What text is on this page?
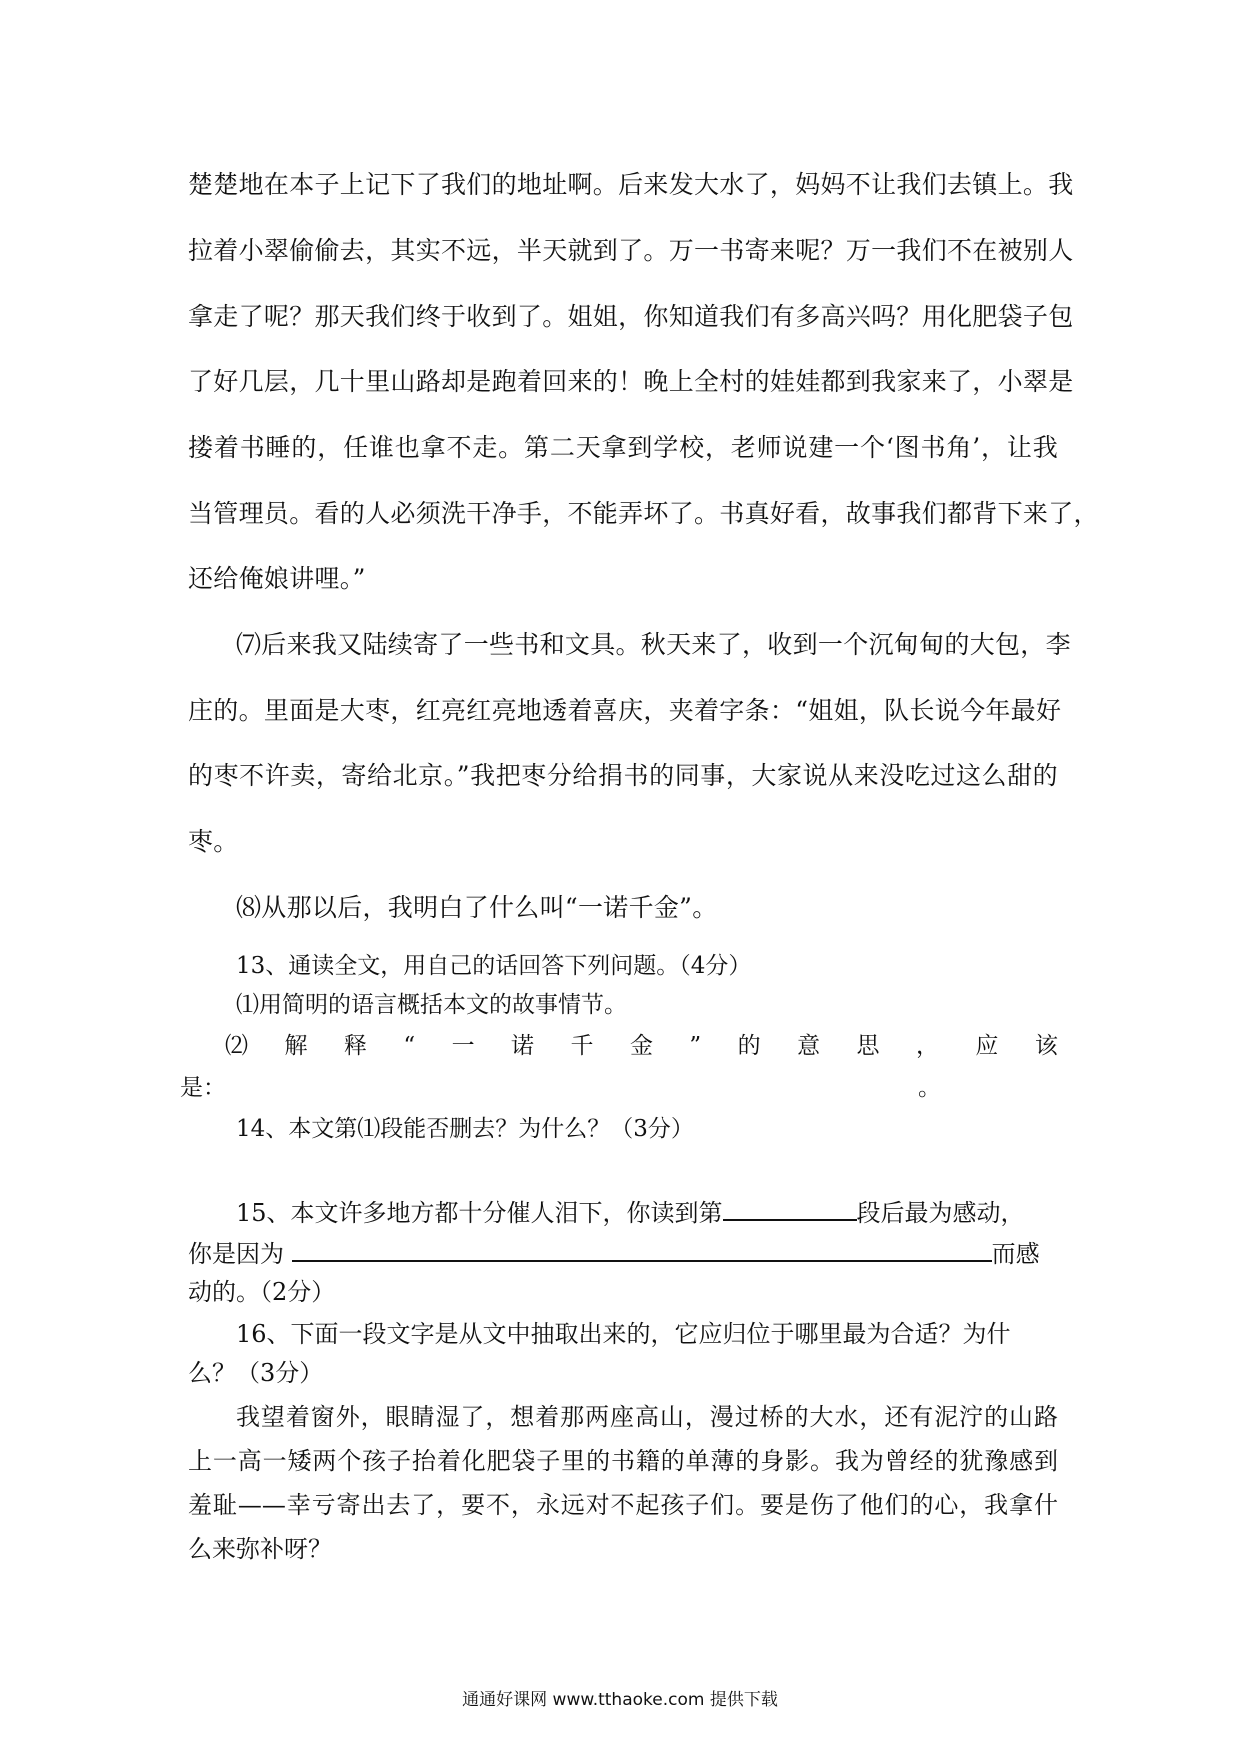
楚楚地在本子上记下了我们的地址啊。后来发大水了，妈妈不让我们去镇上。我
拉着小翠偷偷去，其实不远，半天就到了。万一书寄来呢？万一我们不在被别人
拿走了呢？那天我们终于收到了。姐姐，你知道我们有多高兴吗？用化肥袋子包
了好几层，几十里山路却是跑着回来的！晚上全村的娃娃都到我家来了，小翠是
搂着书睡的，任谁也拿不走。第二天拿到学校，老师说建一个‘图书角’，让我
当管理员。看的人必须洗干净手，不能弄坏了。书真好看，故事我们都背下来了，
还给俺娘讲哩。”
⑺后来我又陆续寄了一些书和文具。秋天来了，收到一个沉甸甸的大包，李
庄的。里面是大枣，红亮红亮地透着喜庆，夹着字条：“姐姐，队长说今年最好
的枣不许卖，寄给北京。”我把枣分给捐书的同事，大家说从来没吃过这么甜的
枣。
⑻从那以后，我明白了什么叫“一诺千金”。
13、通读全文，用自己的话回答下列问题。（4分）
⑴用简明的语言概括本文的故事情节。
⑵ 解 释 “ 一 诺 千 金 ” 的 意 思 ， 应 该
是：	。
14、本文第⑴段能否删去？为什么？（3分）
15、本文许多地方都十分催人泪下，你读到第	段后最为感动，
你是因为	而感
动的。（2分）
16、下面一段文字是从文中抽取出来的，它应归位于哪里最为合适？为什
么？（3分）
我望着窗外，眼睛湿了，想着那两座高山，漫过桥的大水，还有泥泞的山路
上一高一矮两个孩子抬着化肥袋子里的书籍的单薄的身影。我为曾经的犹豫感到
羞耻——幸亏寄出去了，要不，永远对不起孩子们。要是伤了他们的心，我拿什
么来弥补呀？
通通好课网 www.tthaoke.com 提供下载
